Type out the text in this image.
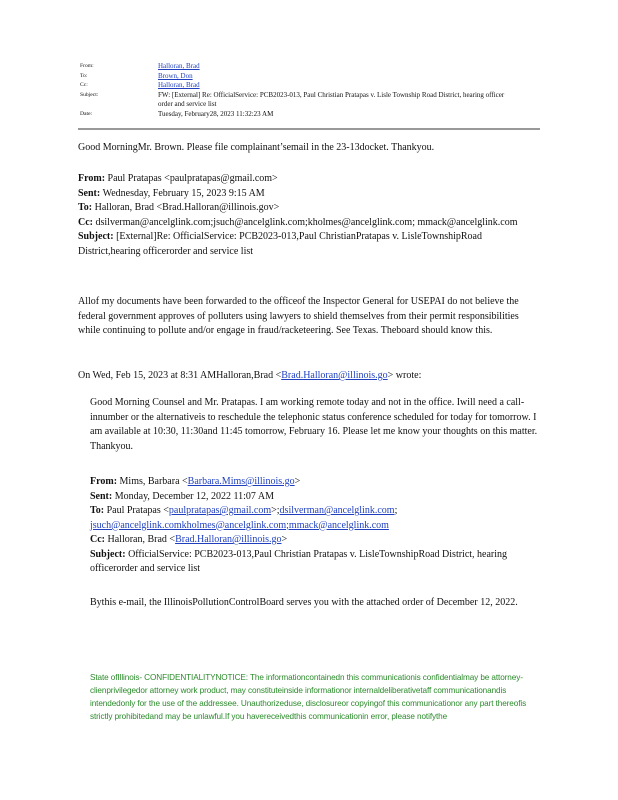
From:	Halloran, Brad
To:	Brown, Don
Cc:	Halloran, Brad
Subject:	FW: [External] Re: OfficialService: PCB2023-013, Paul Christian Pratapas v. Lisle Township Road District, hearing officer order and service list
Date:	Tuesday, February28, 2023 11:32:23 AM

Good MorningMr. Brown. Please file complainant’semail in the 23-13docket. Thankyou.

From: Paul Pratapas <paulpratapas@gmail.com>
Sent: Wednesday, February 15, 2023 9:15 AM
To: Halloran, Brad <Brad.Halloran@illinois.gov>
Cc: dsilverman@ancelglink.com;jsuch@ancelglink.com;kholmes@ancelglink.com; mmack@ancelglink.com
Subject: [External]Re: OfficialService: PCB2023-013,Paul ChristianPratapas v. LisleTownshipRoad District,hearing officerorder and service list

Allof my documents have been forwarded to the officeof the Inspector General for USEPAI do not believe the federal government approves of polluters using lawyers to shield themselves from their permit responsibilities while continuing to pollute and/or engage in fraud/racketeering. See Texas. Theboard should know this.

On Wed, Feb 15, 2023 at 8:31 AMHalloran,Brad <Brad.Halloran@illinois.go> wrote:

Good Morning Counsel and Mr. Pratapas. I am working remote today and not in the office. Iwill need a call-innumber or the alternativeis to reschedule the telephonic status conference scheduled for today for tomorrow. I am available at 10:30, 11:30and 11:45 tomorrow, February 16. Please let me know your thoughts on this matter. Thankyou.

From: Mims, Barbara <Barbara.Mims@illinois.go>
Sent: Monday, December 12, 2022 11:07 AM
To: Paul Pratapas <paulpratapas@gmail.com>;dsilverman@ancelglink.com; jsuch@ancelglink.comkholmes@ancelglink.com;mmack@ancelglink.com
Cc: Halloran, Brad <Brad.Halloran@illinois.go>
Subject: OfficialService: PCB2023-013,Paul Christian Pratapas v. LisleTownshipRoad District, hearing officerorder and service list

Bythis e-mail, the IllinoisPollutionControlBoard serves you with the attached order of December 12, 2022.

State ofIllinois- CONFIDENTIALITYNOTICE: The informationcontainedn this communicationis confidentialmay be attorney-clienprivilegedor attorney work product, may constituteinside informationor internaldeliberativetaff communicationandis intendedonly for the use of the addressee. Unauthorizeduse, disclosureor copyingof this communicationor any part thereofis strictly prohibitedand may be unlawful.If you havereceivedthis communicationin error, please notifythe
